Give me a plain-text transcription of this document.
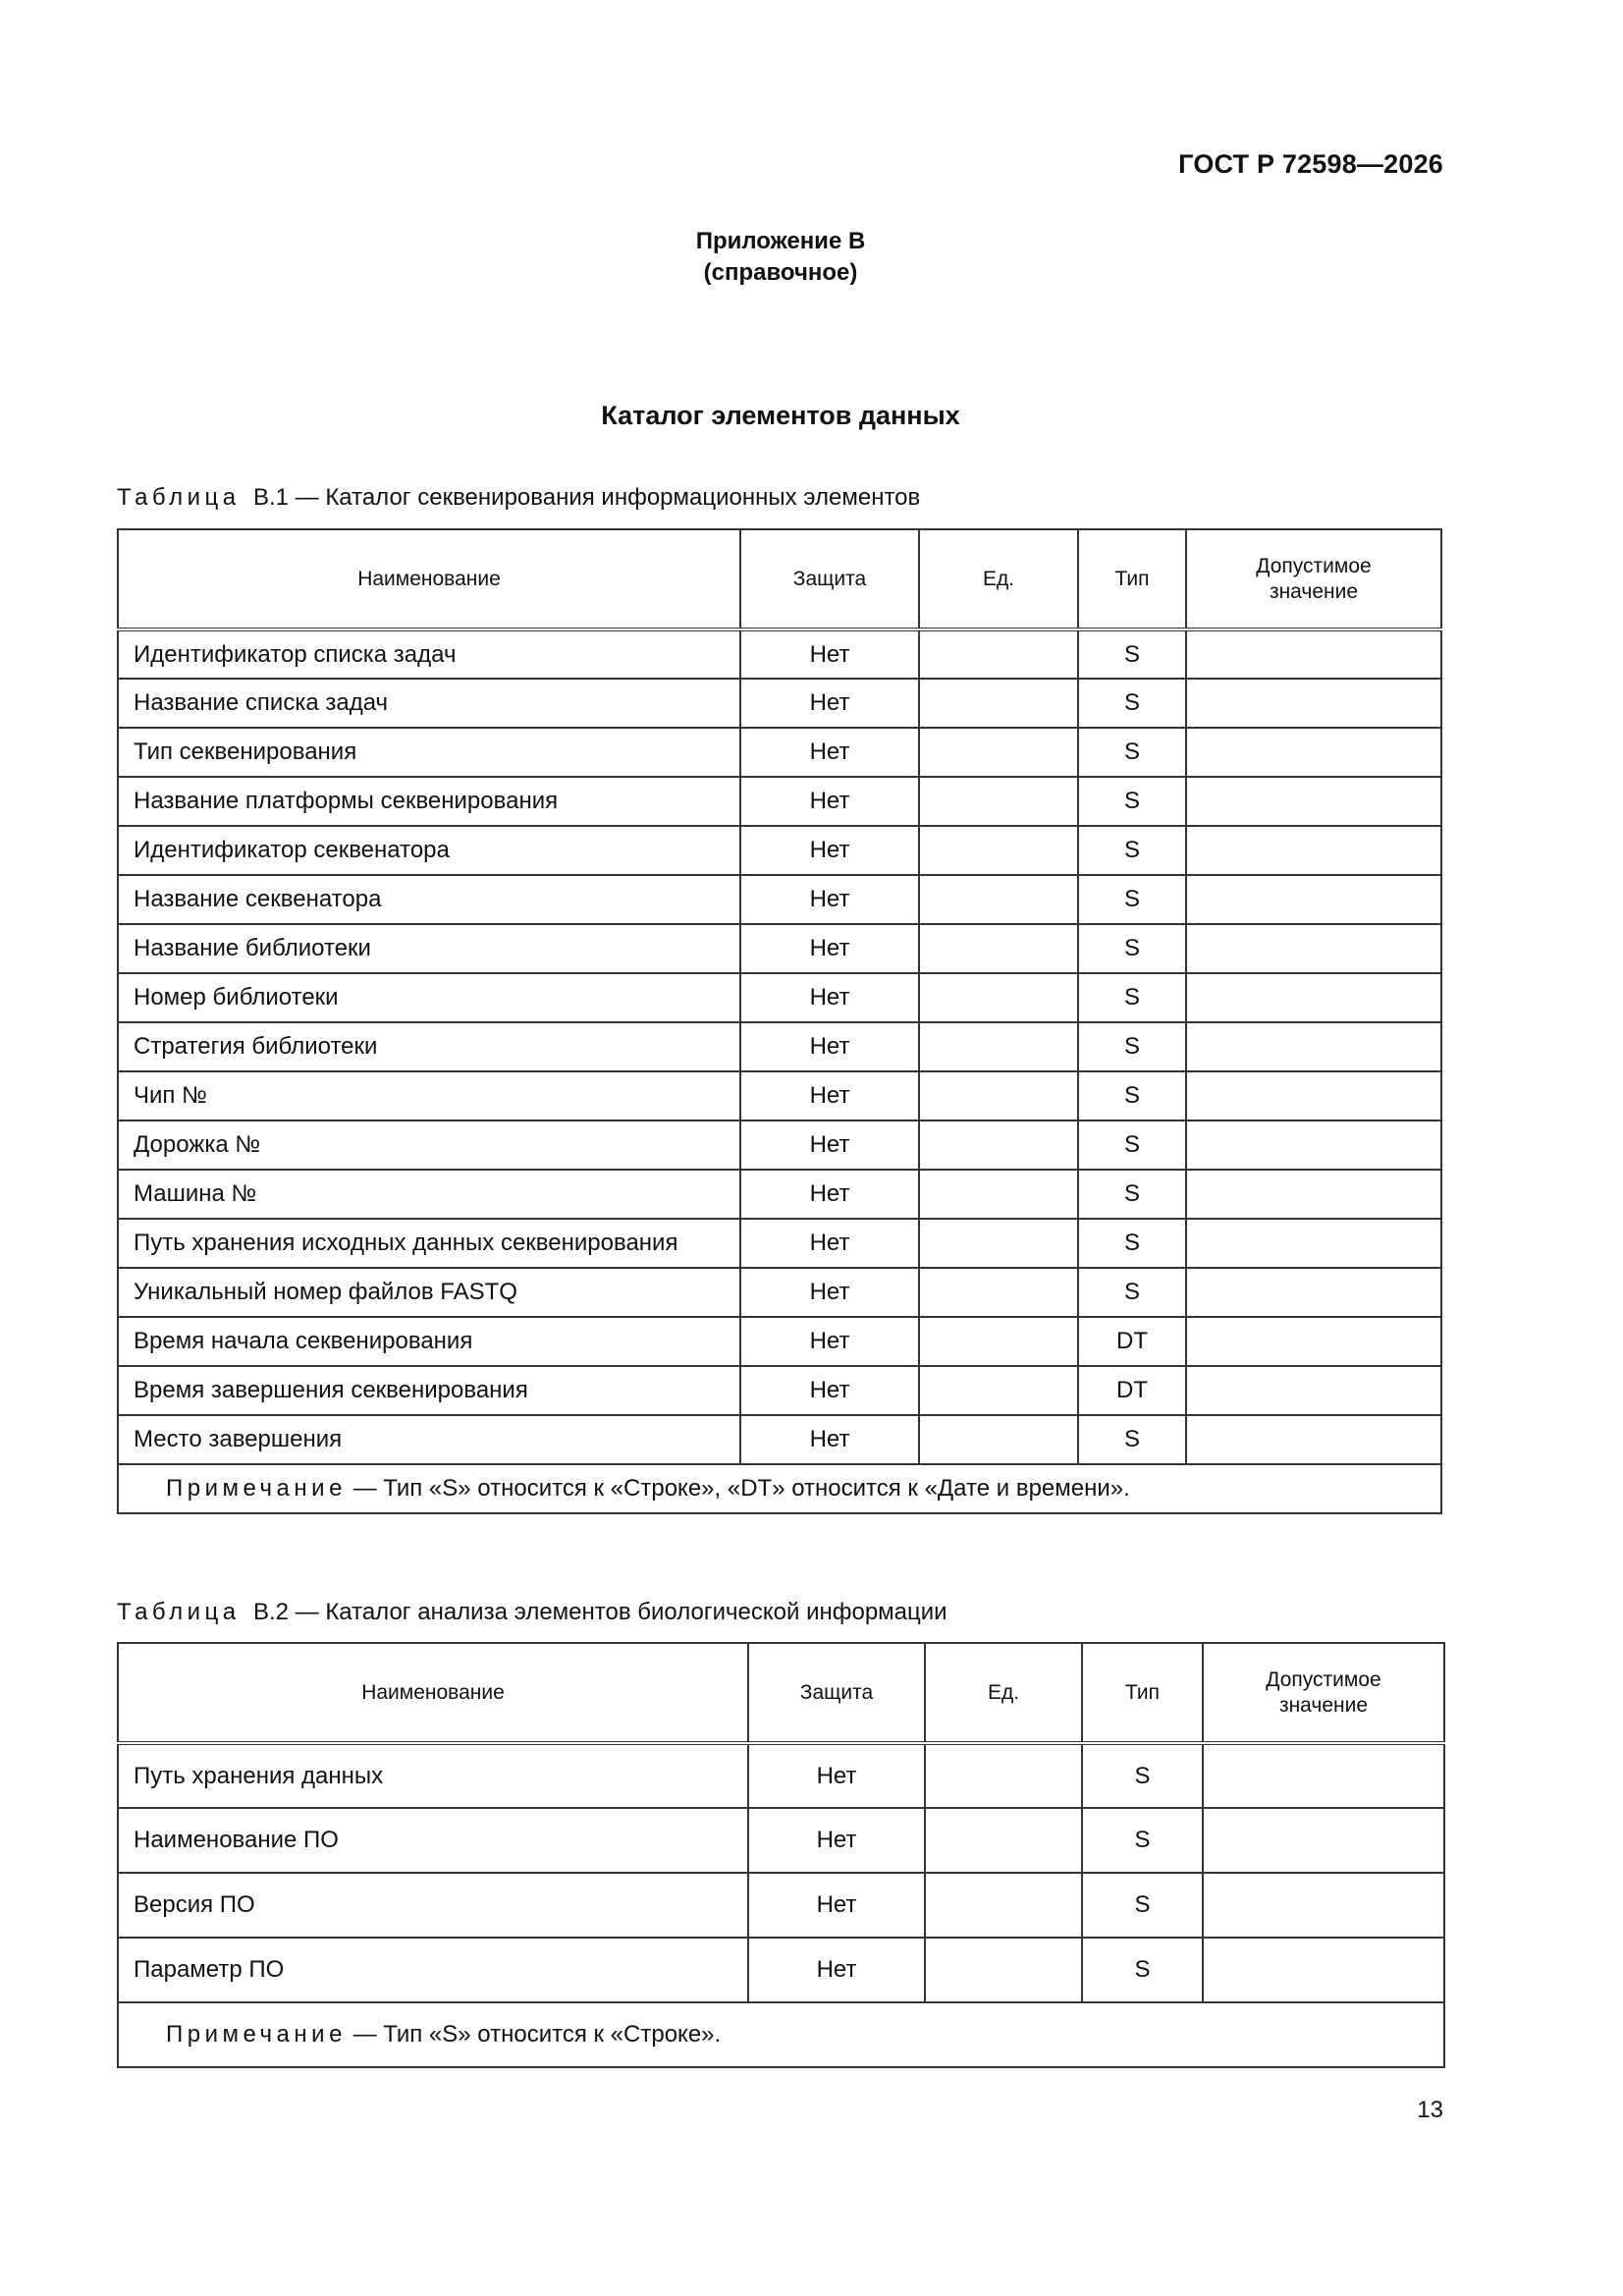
ГОСТ Р 72598—2026
Приложение В
(справочное)
Каталог элементов данных
Таблица В.1 — Каталог секвенирования информационных элементов
Наименование	Защита	Ед.	Тип	Допустимое значение
Идентификатор списка задач	Нет		S	
Название списка задач	Нет		S	
Тип секвенирования	Нет		S	
Название платформы секвенирования	Нет		S	
Идентификатор секвенатора	Нет		S	
Название секвенатора	Нет		S	
Название библиотеки	Нет		S	
Номер библиотеки	Нет		S	
Стратегия библиотеки	Нет		S	
Чип №	Нет		S	
Дорожка №	Нет		S	
Машина №	Нет		S	
Путь хранения исходных данных секвенирования	Нет		S	
Уникальный номер файлов FASTQ	Нет		S	
Время начала секвенирования	Нет		DT	
Время завершения секвенирования	Нет		DT	
Место завершения	Нет		S	
Примечание — Тип «S» относится к «Строке», «DT» относится к «Дате и времени».				
Таблица В.2 — Каталог анализа элементов биологической информации
Наименование	Защита	Ед.	Тип	Допустимое значение
Путь хранения данных	Нет		S	
Наименование ПО	Нет		S	
Версия ПО	Нет		S	
Параметр ПО	Нет		S	
Примечание — Тип «S» относится к «Строке».				
13
